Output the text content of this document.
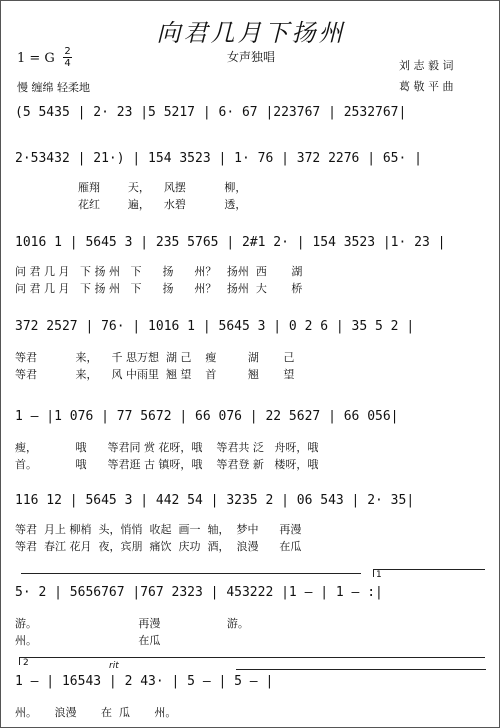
向君几月下扬州
女声独唱
1 = G 2
4
慢 缠绵 轻柔地
刘 志 毅 词
葛 敬 平 曲
(5 5435 | 2· 23 |5 5217 | 6· 67 |223767 | 2532767|
2·53432 | 21·) | 154 3523 | 1· 76 | 372 2276 | 65· |
雁翔        天，    风摆           柳，
花红        遍，    水碧           透，
1016 1 | 5645 3 | 235 5765 | 2#1 2· | 154 3523 |1· 23 |
问 君 几 月   下 扬 州   下      扬      州？   扬州  西       湖
问 君 几 月   下 扬 州   下      扬      州？   扬州  大       桥
372 2527 | 76· | 1016 1 | 5645 3 | 0 2 6 | 35 5 2 |
等君           来，    千 思万想  湖 己    瘦         湖       己
等君           来，    风 中雨里  翘 望    首         翘       望
1 — |1 076 | 77 5672 | 66 076 | 22 5627 | 66 056|
瘦，           哦      等君同 赏 花呀，哦    等君共 泛   舟呀，哦
首。           哦      等君逛 古 镇呀，哦    等君登 新   楼呀，哦
116 12 | 5645 3 | 442 54 | 3235 2 | 06 543 | 2· 35|
等君  月上 柳梢  头，悄悄  收起  画一  轴，  梦中      再漫
等君  春江 花月  夜，宾朋  痛饮  庆功  酒，  浪漫      在瓜
1
5· 2 | 5656767 |767 2323 | 453222 |1 — | 1 — :|
游。                             再漫                   游。
州。                             在瓜
2	rit
1 — | 16543 | 2 43· | 5 — | 5 — |
州。     浪漫       在  瓜       州。
